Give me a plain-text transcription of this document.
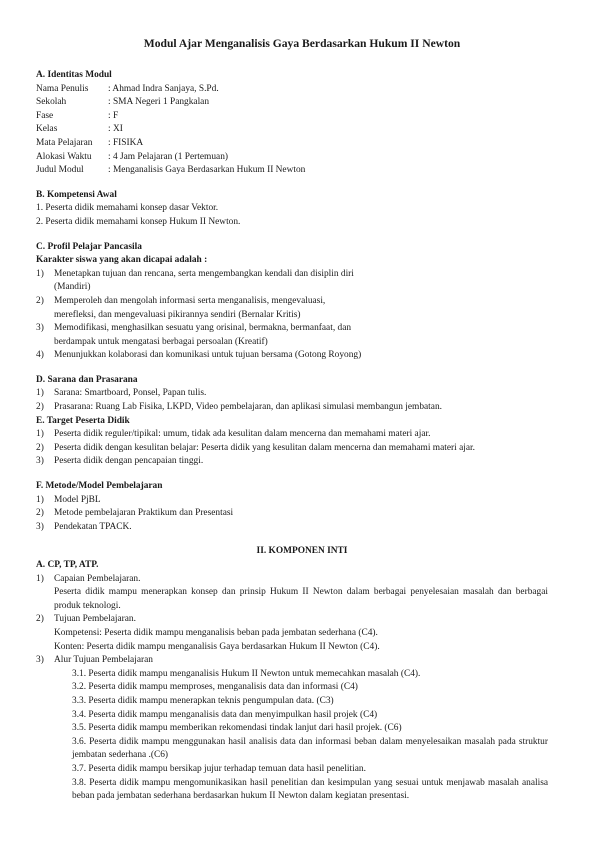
Modul Ajar Menganalisis Gaya Berdasarkan Hukum II Newton
A. Identitas Modul
Nama Penulis	: Ahmad Indra Sanjaya, S.Pd.
Sekolah	: SMA Negeri 1 Pangkalan
Fase	: F
Kelas	: XI
Mata Pelajaran	: FISIKA
Alokasi Waktu	: 4 Jam Pelajaran (1 Pertemuan)
Judul Modul	: Menganalisis Gaya Berdasarkan Hukum II Newton
B. Kompetensi Awal
1. Peserta didik memahami konsep dasar Vektor.
2. Peserta didik memahami konsep Hukum II Newton.
C. Profil Pelajar Pancasila
Karakter siswa yang akan dicapai adalah :
1)	Menetapkan tujuan dan rencana, serta mengembangkan kendali dan disiplin diri
(Mandiri)
2)	Memperoleh dan mengolah informasi serta menganalisis, mengevaluasi,
merefleksi, dan mengevaluasi pikirannya sendiri (Bernalar Kritis)
3)	Memodifikasi, menghasilkan sesuatu yang orisinal, bermakna, bermanfaat, dan
berdampak untuk mengatasi berbagai persoalan (Kreatif)
4)	Menunjukkan kolaborasi dan komunikasi untuk tujuan bersama (Gotong Royong)
D. Sarana dan Prasarana
1)	Sarana: Smartboard, Ponsel, Papan tulis.
2)	Prasarana: Ruang Lab Fisika, LKPD, Video pembelajaran, dan aplikasi simulasi membangun jembatan.
E. Target Peserta Didik
1)	Peserta didik reguler/tipikal: umum, tidak ada kesulitan dalam mencerna dan memahami materi ajar.
2)	Peserta didik dengan kesulitan belajar: Peserta didik yang kesulitan dalam mencerna dan memahami materi ajar.
3)	Peserta didik dengan pencapaian tinggi.
F. Metode/Model Pembelajaran
1)	Model PjBL
2)	Metode pembelajaran Praktikum dan Presentasi
3)	Pendekatan TPACK.
II. KOMPONEN INTI
A. CP, TP, ATP.
1)	Capaian Pembelajaran.
Peserta didik mampu menerapkan konsep dan prinsip Hukum II Newton dalam berbagai penyelesaian masalah dan berbagai produk teknologi.
2)	Tujuan Pembelajaran.
Kompetensi: Peserta didik mampu menganalisis beban pada jembatan sederhana (C4).
Konten: Peserta didik mampu menganalisis Gaya berdasarkan Hukum II Newton (C4).
3)	Alur Tujuan Pembelajaran
3.1. Peserta didik mampu menganalisis Hukum II Newton untuk memecahkan masalah (C4).
3.2. Peserta didik mampu memproses, menganalisis data dan informasi (C4)
3.3. Peserta didik mampu menerapkan teknis pengumpulan data. (C3)
3.4. Peserta didik mampu menganalisis data dan menyimpulkan hasil projek (C4)
3.5. Peserta didik mampu memberikan rekomendasi tindak lanjut dari hasil projek. (C6)
3.6. Peserta didik mampu menggunakan hasil analisis data dan informasi beban dalam menyelesaikan masalah pada struktur jembatan sederhana .(C6)
3.7. Peserta didik mampu bersikap jujur terhadap temuan data hasil penelitian.
3.8. Peserta didik mampu mengomunikasikan hasil penelitian dan kesimpulan yang sesuai untuk menjawab masalah analisa beban pada jembatan sederhana berdasarkan hukum II Newton dalam kegiatan presentasi.
